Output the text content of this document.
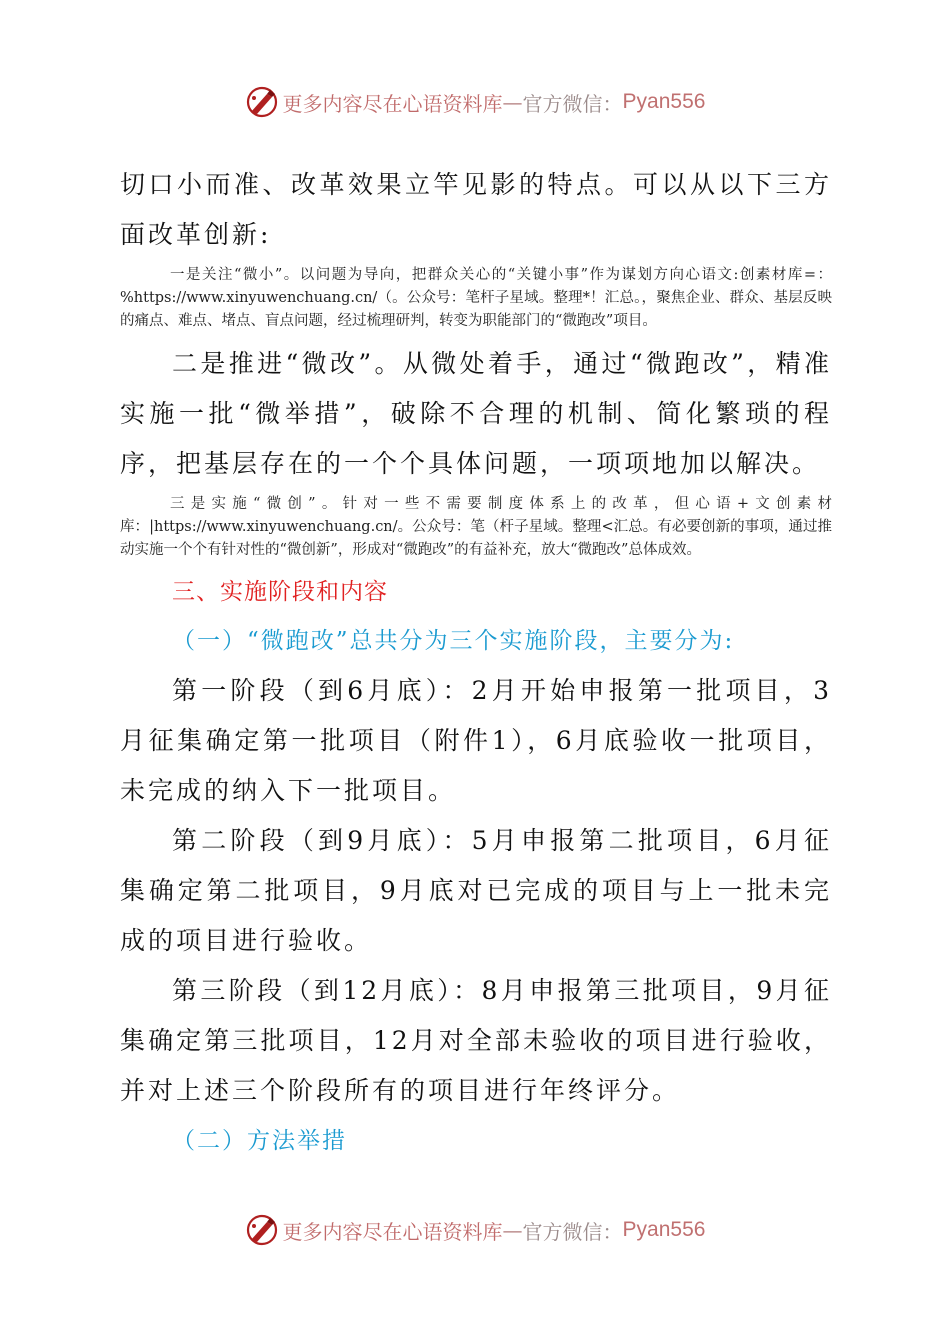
更多内容尽在心语资料库 — 官方微信： Pyan556

切口小而准、改革效果立竿见影的特点。可以从以下三方面改革创新:

一是关注“微小”。以问题为导向，把群众关心的“关键小事”作为谋划方向心语文:创素材库=：%https://www.xinyuwenchuang.cn/（。公众号：笔杆子星域。整理*！汇总。，聚焦企业、群众、基层反映的痛点、难点、堵点、盲点问题，经过梳理研判，转变为职能部门的“微跑改”项目。

二是推进“微改”。从微处着手，通过“微跑改”，精准实施一批“微举措”，破除不合理的机制、简化繁琐的程序，把基层存在的一个个具体问题，一项项地加以解决。

三是实施“微创”。针对一些不需要制度体系上的改革，但心语+文创素材库：|https://www.xinyuwenchuang.cn/。公众号：笔（杆子星域。整理<汇总。有必要创新的事项，通过推动实施一个个有针对性的“微创新”，形成对“微跑改”的有益补充，放大“微跑改”总体成效。

三、实施阶段和内容

（一）“微跑改”总共分为三个实施阶段，主要分为:

第一阶段（到6月底）：2月开始申报第一批项目，3月征集确定第一批项目（附件1），6月底验收一批项目，未完成的纳入下一批项目。

第二阶段（到9月底）：5月申报第二批项目，6月征集确定第二批项目，9月底对已完成的项目与上一批未完成的项目进行验收。

第三阶段（到12月底）：8月申报第三批项目，9月征集确定第三批项目，12月对全部未验收的项目进行验收，并对上述三个阶段所有的项目进行年终评分。

（二）方法举措

更多内容尽在心语资料库 — 官方微信： Pyan556
